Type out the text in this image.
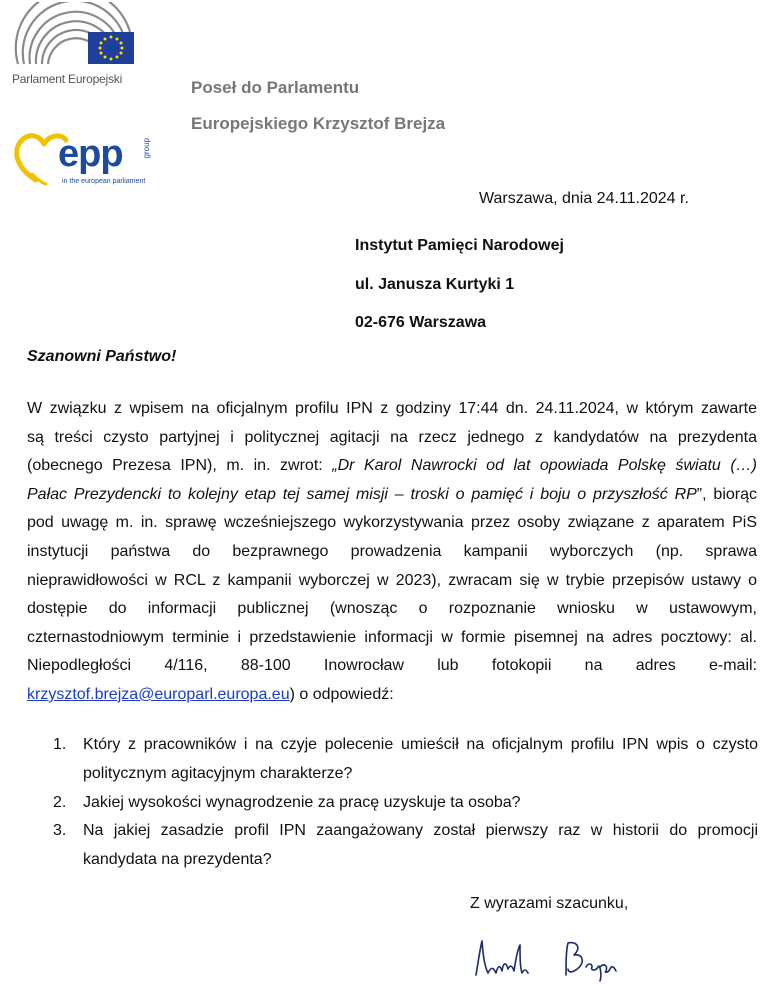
Parlament Europejski	Poseł do Parlamentu
Europejskiego Krzysztof Brejza
epp group
in the european parliament
Warszawa, dnia 24.11.2024 r.
Instytut Pamięci Narodowej
ul. Janusza Kurtyki 1
02-676 Warszawa
Szanowni Państwo!
W związku z wpisem na oficjalnym profilu IPN z godziny 17:44 dn. 24.11.2024, w którym zawarte
są treści czysto partyjnej i politycznej agitacji na rzecz jednego z kandydatów na prezydenta
(obecnego Prezesa IPN), m. in. zwrot: „Dr Karol Nawrocki od lat opowiada Polskę światu (…)
Pałac Prezydencki to kolejny etap tej samej misji – troski o pamięć i boju o przyszłość RP”, biorąc
pod uwagę m. in. sprawę wcześniejszego wykorzystywania przez osoby związane z aparatem PiS
instytucji państwa do bezprawnego prowadzenia kampanii wyborczych (np. sprawa
nieprawidłowości w RCL z kampanii wyborczej w 2023), zwracam się w trybie przepisów ustawy o
dostępie do informacji publicznej (wnosząc o rozpoznanie wniosku w ustawowym,
czternastodniowym terminie i przedstawienie informacji w formie pisemnej na adres pocztowy: al.
Niepodległości 4/116, 88-100 Inowrocław lub fotokopii na adres e-mail:
krzysztof.brejza@europarl.europa.eu) o odpowiedź:
1. Który z pracowników i na czyje polecenie umieścił na oficjalnym profilu IPN wpis o czysto
politycznym agitacyjnym charakterze?
2. Jakiej wysokości wynagrodzenie za pracę uzyskuje ta osoba?
3. Na jakiej zasadzie profil IPN zaangażowany został pierwszy raz w historii do promocji
kandydata na prezydenta?
Z wyrazami szacunku,
